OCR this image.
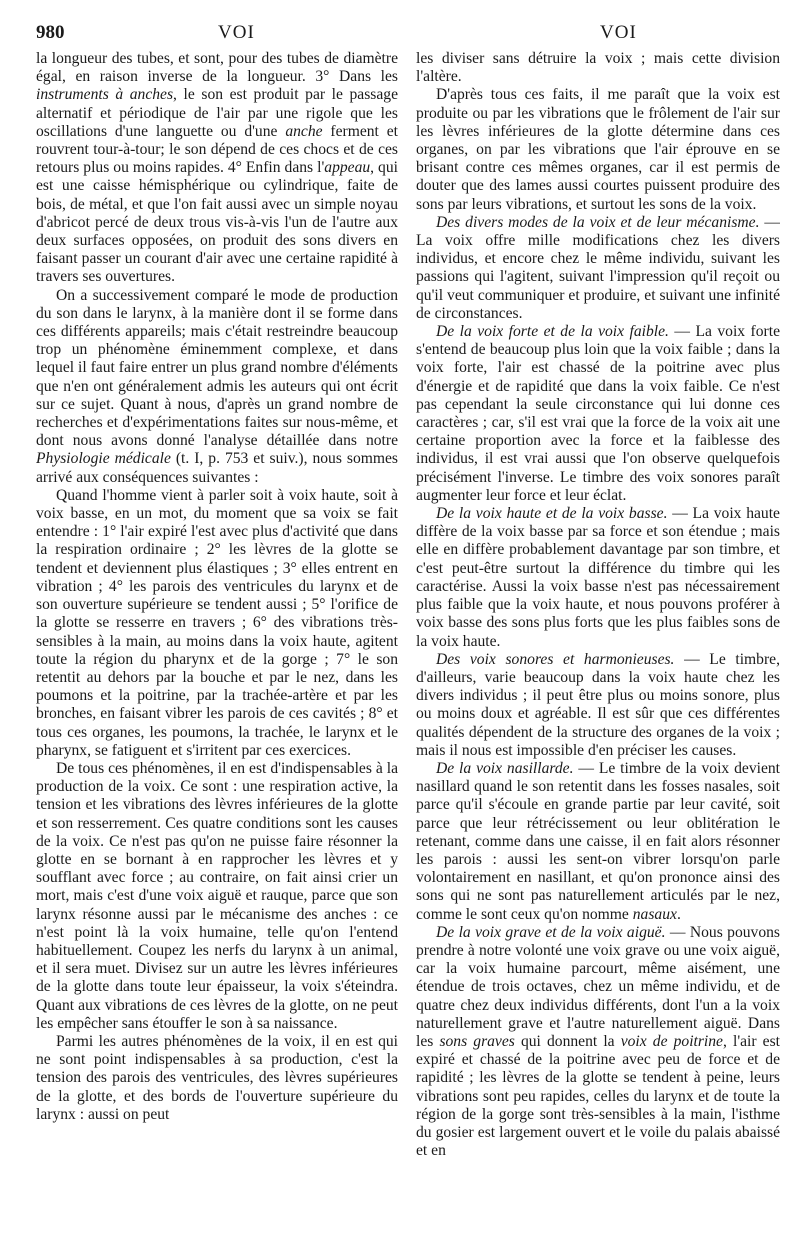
980	VOI	VOI

la longueur des tubes, et sont, pour des tubes de diamètre égal, en raison inverse de la longueur. 3° Dans les instruments à anches, le son est produit par le passage alternatif et périodique de l'air par une rigole que les oscillations d'une languette ou d'une anche ferment et rouvrent tour-à-tour; le son dépend de ces chocs et de ces retours plus ou moins rapides. 4° Enfin dans l'appeau, qui est une caisse hémisphérique ou cylindrique, faite de bois, de métal, et que l'on fait aussi avec un simple noyau d'abricot percé de deux trous vis-à-vis l'un de l'autre aux deux surfaces opposées, on produit des sons divers en faisant passer un courant d'air avec une certaine rapidité à travers ses ouvertures.

On a successivement comparé le mode de production du son dans le larynx, à la manière dont il se forme dans ces différents appareils; mais c'était restreindre beaucoup trop un phénomène éminemment complexe, et dans lequel il faut faire entrer un plus grand nombre d'éléments que n'en ont généralement admis les auteurs qui ont écrit sur ce sujet. Quant à nous, d'après un grand nombre de recherches et d'expérimentations faites sur nous-même, et dont nous avons donné l'analyse détaillée dans notre Physiologie médicale (t. I, p. 753 et suiv.), nous sommes arrivé aux conséquences suivantes :

Quand l'homme vient à parler soit à voix haute, soit à voix basse, en un mot, du moment que sa voix se fait entendre : 1° l'air expiré l'est avec plus d'activité que dans la respiration ordinaire ; 2° les lèvres de la glotte se tendent et deviennent plus élastiques ; 3° elles entrent en vibration ; 4° les parois des ventricules du larynx et de son ouverture supérieure se tendent aussi ; 5° l'orifice de la glotte se resserre en travers ; 6° des vibrations très-sensibles à la main, au moins dans la voix haute, agitent toute la région du pharynx et de la gorge ; 7° le son retentit au dehors par la bouche et par le nez, dans les poumons et la poitrine, par la trachée-artère et par les bronches, en faisant vibrer les parois de ces cavités ; 8° et tous ces organes, les poumons, la trachée, le larynx et le pharynx, se fatiguent et s'irritent par ces exercices.

De tous ces phénomènes, il en est d'indispensables à la production de la voix. Ce sont : une respiration active, la tension et les vibrations des lèvres inférieures de la glotte et son resserrement. Ces quatre conditions sont les causes de la voix. Ce n'est pas qu'on ne puisse faire résonner la glotte en se bornant à en rapprocher les lèvres et y soufflant avec force ; au contraire, on fait ainsi crier un mort, mais c'est d'une voix aiguë et rauque, parce que son larynx résonne aussi par le mécanisme des anches : ce n'est point là la voix humaine, telle qu'on l'entend habituellement. Coupez les nerfs du larynx à un animal, et il sera muet. Divisez sur un autre les lèvres inférieures de la glotte dans toute leur épaisseur, la voix s'éteindra. Quant aux vibrations de ces lèvres de la glotte, on ne peut les empêcher sans étouffer le son à sa naissance.

Parmi les autres phénomènes de la voix, il en est qui ne sont point indispensables à sa production, c'est la tension des parois des ventricules, des lèvres supérieures de la glotte, et des bords de l'ouverture supérieure du larynx : aussi on peut

les diviser sans détruire la voix ; mais cette division l'altère.

D'après tous ces faits, il me paraît que la voix est produite ou par les vibrations que le frôlement de l'air sur les lèvres inférieures de la glotte détermine dans ces organes, on par les vibrations que l'air éprouve en se brisant contre ces mêmes organes, car il est permis de douter que des lames aussi courtes puissent produire des sons par leurs vibrations, et surtout les sons de la voix.

Des divers modes de la voix et de leur mécanisme. — La voix offre mille modifications chez les divers individus, et encore chez le même individu, suivant les passions qui l'agitent, suivant l'impression qu'il reçoit ou qu'il veut communiquer et produire, et suivant une infinité de circonstances.

De la voix forte et de la voix faible. — La voix forte s'entend de beaucoup plus loin que la voix faible ; dans la voix forte, l'air est chassé de la poitrine avec plus d'énergie et de rapidité que dans la voix faible. Ce n'est pas cependant la seule circonstance qui lui donne ces caractères ; car, s'il est vrai que la force de la voix ait une certaine proportion avec la force et la faiblesse des individus, il est vrai aussi que l'on observe quelquefois précisément l'inverse. Le timbre des voix sonores paraît augmenter leur force et leur éclat.

De la voix haute et de la voix basse. — La voix haute diffère de la voix basse par sa force et son étendue ; mais elle en diffère probablement davantage par son timbre, et c'est peut-être surtout la différence du timbre qui les caractérise. Aussi la voix basse n'est pas nécessairement plus faible que la voix haute, et nous pouvons proférer à voix basse des sons plus forts que les plus faibles sons de la voix haute.

Des voix sonores et harmonieuses. — Le timbre, d'ailleurs, varie beaucoup dans la voix haute chez les divers individus ; il peut être plus ou moins sonore, plus ou moins doux et agréable. Il est sûr que ces différentes qualités dépendent de la structure des organes de la voix ; mais il nous est impossible d'en préciser les causes.

De la voix nasillarde. — Le timbre de la voix devient nasillard quand le son retentit dans les fosses nasales, soit parce qu'il s'écoule en grande partie par leur cavité, soit parce que leur rétrécissement ou leur oblitération le retenant, comme dans une caisse, il en fait alors résonner les parois : aussi les sent-on vibrer lorsqu'on parle volontairement en nasillant, et qu'on prononce ainsi des sons qui ne sont pas naturellement articulés par le nez, comme le sont ceux qu'on nomme nasaux.

De la voix grave et de la voix aiguë. — Nous pouvons prendre à notre volonté une voix grave ou une voix aiguë, car la voix humaine parcourt, même aisément, une étendue de trois octaves, chez un même individu, et de quatre chez deux individus différents, dont l'un a la voix naturellement grave et l'autre naturellement aiguë. Dans les sons graves qui donnent la voix de poitrine, l'air est expiré et chassé de la poitrine avec peu de force et de rapidité ; les lèvres de la glotte se tendent à peine, leurs vibrations sont peu rapides, celles du larynx et de toute la région de la gorge sont très-sensibles à la main, l'isthme du gosier est largement ouvert et le voile du palais abaissé et en
